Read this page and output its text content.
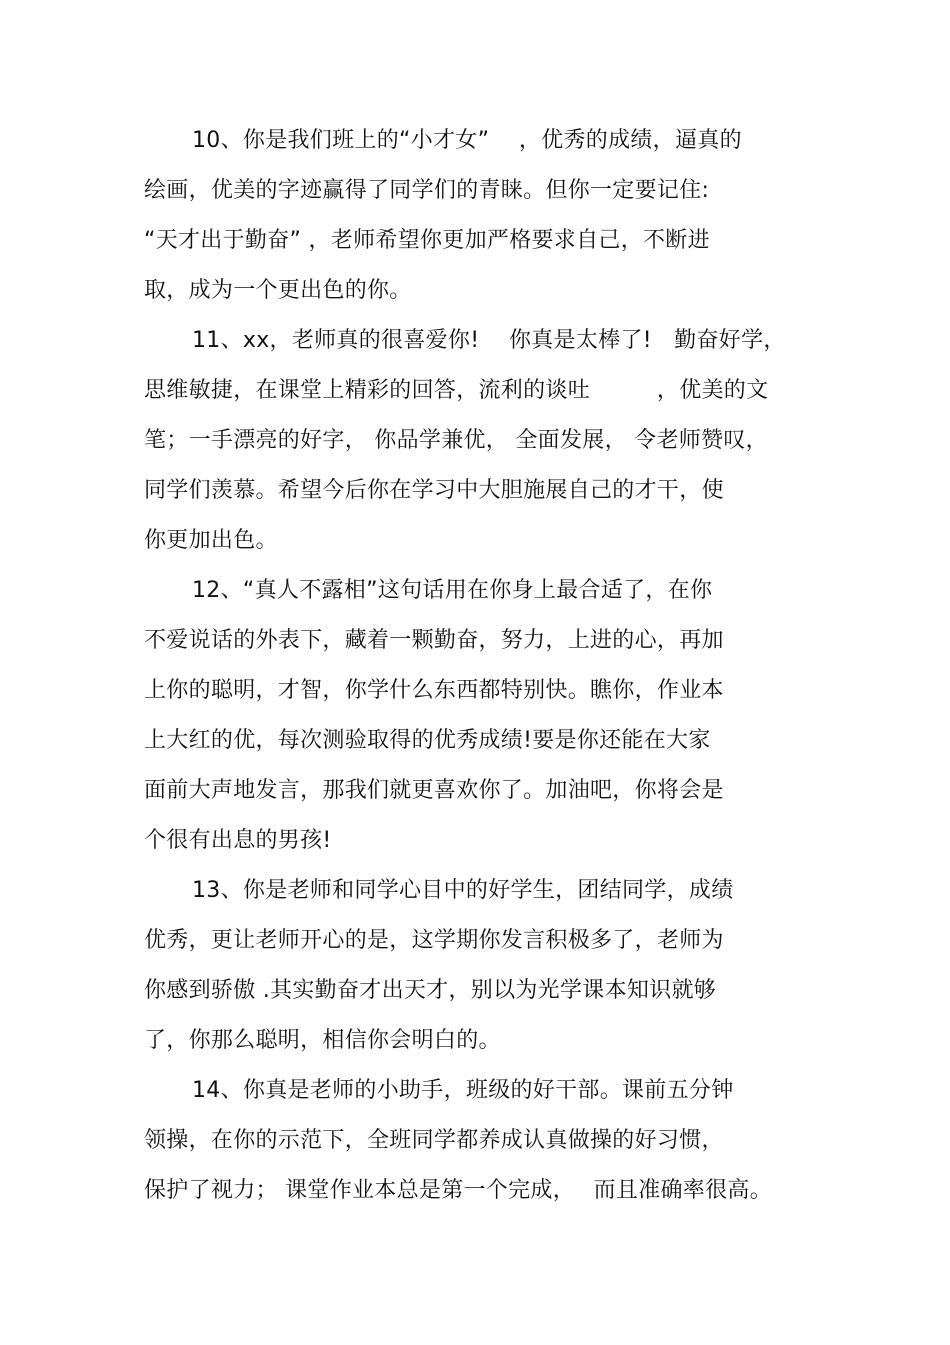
10、你是我们班上的“小才女”　 ，优秀的成绩，逼真的
绘画，优美的字迹赢得了同学们的青睐。但你一定要记住:
“天才出于勤奋” ，老师希望你更加严格要求自己，不断进
取，成为一个更出色的你。
11、xx，老师真的很喜爱你!　 你真是太棒了!　勤奋好学，
思维敏捷，在课堂上精彩的回答，流利的谈吐　　　，优美的文
笔；一手漂亮的好字， 你品学兼优， 全面发展， 令老师赞叹，
同学们羡慕。希望今后你在学习中大胆施展自己的才干，使
你更加出色。
12、“真人不露相”这句话用在你身上最合适了，在你
不爱说话的外表下，藏着一颗勤奋，努力，上进的心，再加
上你的聪明，才智，你学什么东西都特别快。瞧你，作业本
上大红的优，每次测验取得的优秀成绩!要是你还能在大家
面前大声地发言，那我们就更喜欢你了。加油吧，你将会是
个很有出息的男孩!
13、你是老师和同学心目中的好学生，团结同学，成绩
优秀，更让老师开心的是，这学期你发言积极多了，老师为
你感到骄傲 .其实勤奋才出天才，别以为光学课本知识就够
了，你那么聪明，相信你会明白的。
14、你真是老师的小助手，班级的好干部。课前五分钟
领操，在你的示范下，全班同学都养成认真做操的好习惯，
保护了视力； 课堂作业本总是第一个完成，　 而且准确率很高。
